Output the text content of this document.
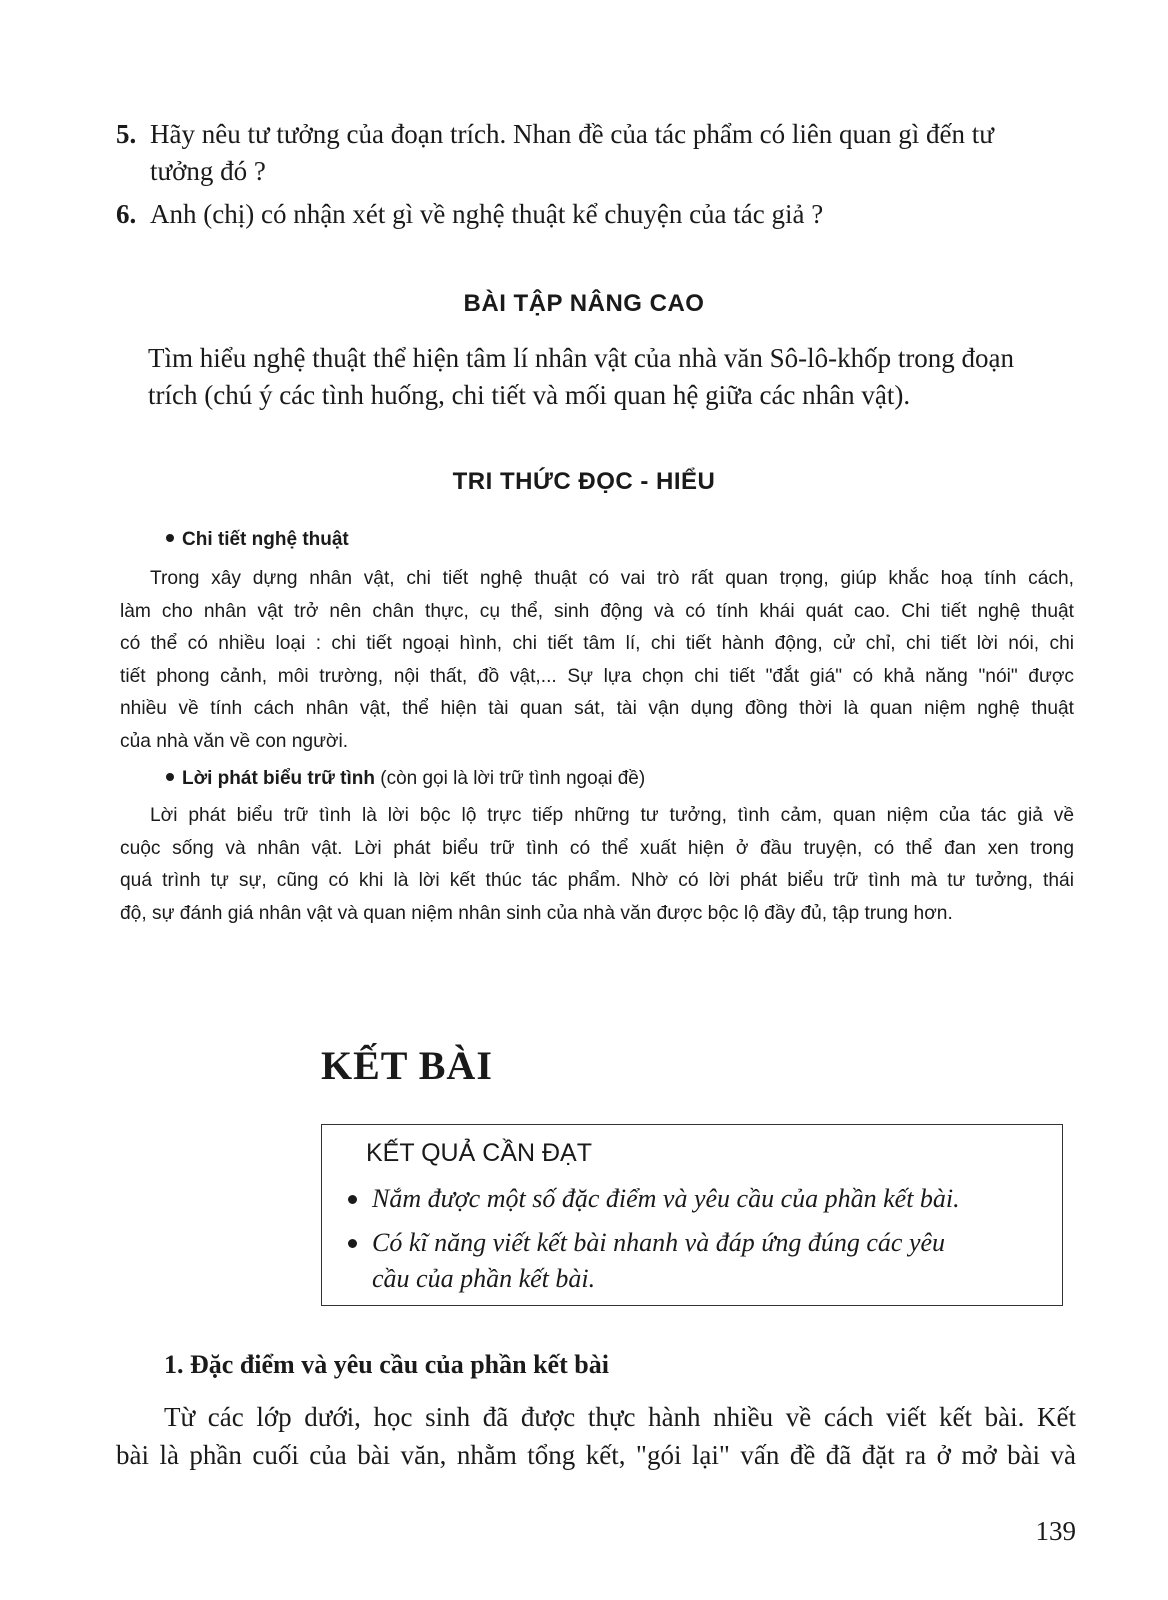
5. Hãy nêu tư tưởng của đoạn trích. Nhan đề của tác phẩm có liên quan gì đến tư
tưởng đó ?
6. Anh (chị) có nhận xét gì về nghệ thuật kể chuyện của tác giả ?
BÀI TẬP NÂNG CAO
Tìm hiểu nghệ thuật thể hiện tâm lí nhân vật của nhà văn Sô-lô-khốp trong đoạn
trích (chú ý các tình huống, chi tiết và mối quan hệ giữa các nhân vật).
TRI THỨC ĐỌC - HIỂU
Chi tiết nghệ thuật
Trong xây dựng nhân vật, chi tiết nghệ thuật có vai trò rất quan trọng, giúp khắc hoạ tính cách,
làm cho nhân vật trở nên chân thực, cụ thể, sinh động và có tính khái quát cao. Chi tiết nghệ thuật
có thể có nhiều loại : chi tiết ngoại hình, chi tiết tâm lí, chi tiết hành động, cử chỉ, chi tiết lời nói, chi
tiết phong cảnh, môi trường, nội thất, đồ vật,... Sự lựa chọn chi tiết "đắt giá" có khả năng "nói" được
nhiều về tính cách nhân vật, thể hiện tài quan sát, tài vận dụng đồng thời là quan niệm nghệ thuật
của nhà văn về con người.
Lời phát biểu trữ tình (còn gọi là lời trữ tình ngoại đề)
Lời phát biểu trữ tình là lời bộc lộ trực tiếp những tư tưởng, tình cảm, quan niệm của tác giả về
cuộc sống và nhân vật. Lời phát biểu trữ tình có thể xuất hiện ở đầu truyện, có thể đan xen trong
quá trình tự sự, cũng có khi là lời kết thúc tác phẩm. Nhờ có lời phát biểu trữ tình mà tư tưởng, thái
độ, sự đánh giá nhân vật và quan niệm nhân sinh của nhà văn được bộc lộ đầy đủ, tập trung hơn.
KẾT BÀI
KẾT QUẢ CẦN ĐẠT
Nắm được một số đặc điểm và yêu cầu của phần kết bài.
Có kĩ năng viết kết bài nhanh và đáp ứng đúng các yêu
cầu của phần kết bài.
1. Đặc điểm và yêu cầu của phần kết bài
Từ các lớp dưới, học sinh đã được thực hành nhiều về cách viết kết bài. Kết
bài là phần cuối của bài văn, nhằm tổng kết, "gói lại" vấn đề đã đặt ra ở mở bài và
139
